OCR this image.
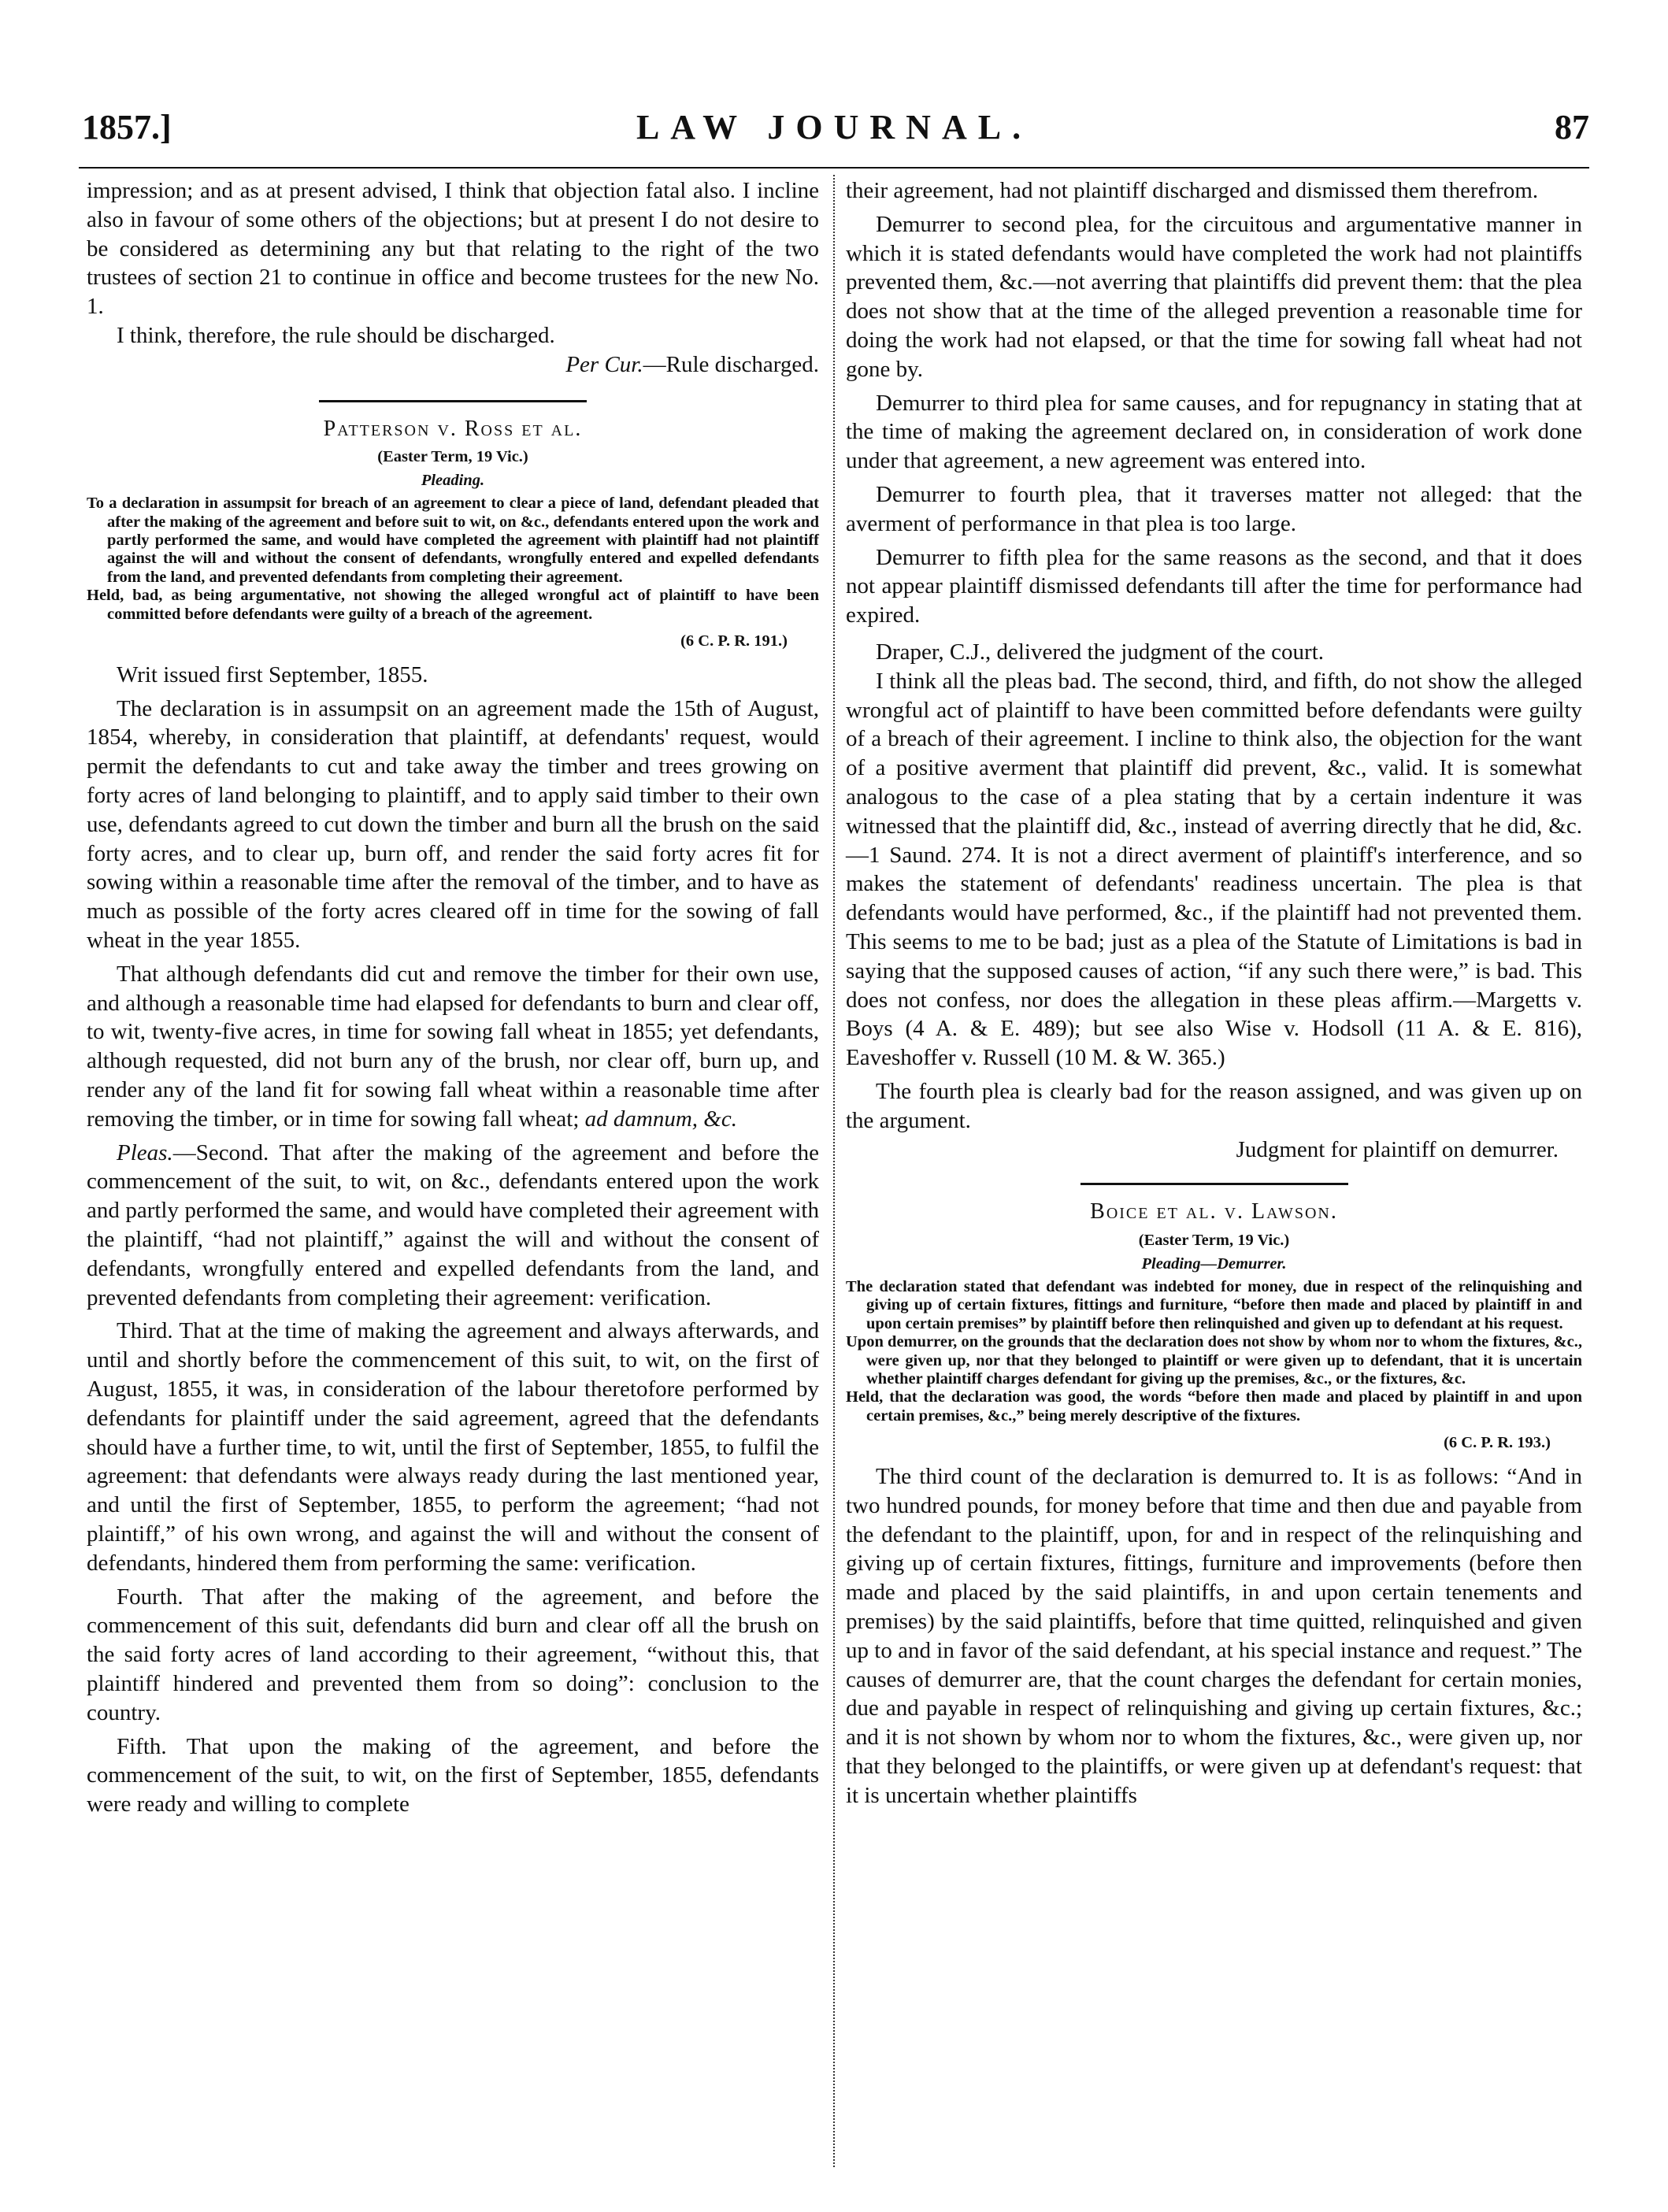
1857.]	LAW JOURNAL.	87

impression; and as at present advised, I think that objection fatal also. I incline also in favour of some others of the objections; but at present I do not desire to be considered as determining any but that relating to the right of the two trustees of section 21 to continue in office and become trustees for the new No. 1.

I think, therefore, the rule should be discharged.

Per Cur.—Rule discharged.

Patterson v. Ross et al.

(Easter Term, 19 Vic.)

Pleading.

To a declaration in assumpsit for breach of an agreement to clear a piece of land, defendant pleaded that after the making of the agreement and before suit to wit, on &c., defendants entered upon the work and partly performed the same, and would have completed the agreement with plaintiff had not plaintiff against the will and without the consent of defendants, wrongfully entered and expelled defendants from the land, and prevented defendants from completing their agreement.

Held, bad, as being argumentative, not showing the alleged wrongful act of plaintiff to have been committed before defendants were guilty of a breach of the agreement.

(6 C. P. R. 191.)

Writ issued first September, 1855.

The declaration is in assumpsit on an agreement made the 15th of August, 1854, whereby, in consideration that plaintiff, at defendants' request, would permit the defendants to cut and take away the timber and trees growing on forty acres of land belonging to plaintiff, and to apply said timber to their own use, defendants agreed to cut down the timber and burn all the brush on the said forty acres, and to clear up, burn off, and render the said forty acres fit for sowing within a reasonable time after the removal of the timber, and to have as much as possible of the forty acres cleared off in time for the sowing of fall wheat in the year 1855.

That although defendants did cut and remove the timber for their own use, and although a reasonable time had elapsed for defendants to burn and clear off, to wit, twenty-five acres, in time for sowing fall wheat in 1855; yet defendants, although requested, did not burn any of the brush, nor clear off, burn up, and render any of the land fit for sowing fall wheat within a reasonable time after removing the timber, or in time for sowing fall wheat; ad damnum, &c.

Pleas.—Second. That after the making of the agreement and before the commencement of the suit, to wit, on &c., defendants entered upon the work and partly performed the same, and would have completed their agreement with the plaintiff, “had not plaintiff,” against the will and without the consent of defendants, wrongfully entered and expelled defendants from the land, and prevented defendants from completing their agreement: verification.

Third. That at the time of making the agreement and always afterwards, and until and shortly before the commencement of this suit, to wit, on the first of August, 1855, it was, in consideration of the labour theretofore performed by defendants for plaintiff under the said agreement, agreed that the defendants should have a further time, to wit, until the first of September, 1855, to fulfil the agreement: that defendants were always ready during the last mentioned year, and until the first of September, 1855, to perform the agreement; “had not plaintiff,” of his own wrong, and against the will and without the consent of defendants, hindered them from performing the same: verification.

Fourth. That after the making of the agreement, and before the commencement of this suit, defendants did burn and clear off all the brush on the said forty acres of land according to their agreement, “without this, that plaintiff hindered and prevented them from so doing”: conclusion to the country.

Fifth. That upon the making of the agreement, and before the commencement of the suit, to wit, on the first of September, 1855, defendants were ready and willing to complete

their agreement, had not plaintiff discharged and dismissed them therefrom.

Demurrer to second plea, for the circuitous and argumentative manner in which it is stated defendants would have completed the work had not plaintiffs prevented them, &c.—not averring that plaintiffs did prevent them: that the plea does not show that at the time of the alleged prevention a reasonable time for doing the work had not elapsed, or that the time for sowing fall wheat had not gone by.

Demurrer to third plea for same causes, and for repugnancy in stating that at the time of making the agreement declared on, in consideration of work done under that agreement, a new agreement was entered into.

Demurrer to fourth plea, that it traverses matter not alleged: that the averment of performance in that plea is too large.

Demurrer to fifth plea for the same reasons as the second, and that it does not appear plaintiff dismissed defendants till after the time for performance had expired.

Draper, C.J., delivered the judgment of the court.

I think all the pleas bad. The second, third, and fifth, do not show the alleged wrongful act of plaintiff to have been committed before defendants were guilty of a breach of their agreement. I incline to think also, the objection for the want of a positive averment that plaintiff did prevent, &c., valid. It is somewhat analogous to the case of a plea stating that by a certain indenture it was witnessed that the plaintiff did, &c., instead of averring directly that he did, &c.—1 Saund. 274. It is not a direct averment of plaintiff's interference, and so makes the statement of defendants' readiness uncertain. The plea is that defendants would have performed, &c., if the plaintiff had not prevented them. This seems to me to be bad; just as a plea of the Statute of Limitations is bad in saying that the supposed causes of action, “if any such there were,” is bad. This does not confess, nor does the allegation in these pleas affirm.—Margetts v. Boys (4 A. & E. 489); but see also Wise v. Hodsoll (11 A. & E. 816), Eaveshoffer v. Russell (10 M. & W. 365.)

The fourth plea is clearly bad for the reason assigned, and was given up on the argument.

Judgment for plaintiff on demurrer.

Boice et al. v. Lawson.

(Easter Term, 19 Vic.)

Pleading—Demurrer.

The declaration stated that defendant was indebted for money, due in respect of the relinquishing and giving up of certain fixtures, fittings and furniture, “before then made and placed by plaintiff in and upon certain premises” by plaintiff before then relinquished and given up to defendant at his request.

Upon demurrer, on the grounds that the declaration does not show by whom nor to whom the fixtures, &c., were given up, nor that they belonged to plaintiff or were given up to defendant, that it is uncertain whether plaintiff charges defendant for giving up the premises, &c., or the fixtures, &c.

Held, that the declaration was good, the words “before then made and placed by plaintiff in and upon certain premises, &c.,” being merely descriptive of the fixtures.

(6 C. P. R. 193.)

The third count of the declaration is demurred to. It is as follows: “And in two hundred pounds, for money before that time and then due and payable from the defendant to the plaintiff, upon, for and in respect of the relinquishing and giving up of certain fixtures, fittings, furniture and improvements (before then made and placed by the said plaintiffs, in and upon certain tenements and premises) by the said plaintiffs, before that time quitted, relinquished and given up to and in favor of the said defendant, at his special instance and request.” The causes of demurrer are, that the count charges the defendant for certain monies, due and payable in respect of relinquishing and giving up certain fixtures, &c.; and it is not shown by whom nor to whom the fixtures, &c., were given up, nor that they belonged to the plaintiffs, or were given up at defendant's request: that it is uncertain whether plaintiffs
